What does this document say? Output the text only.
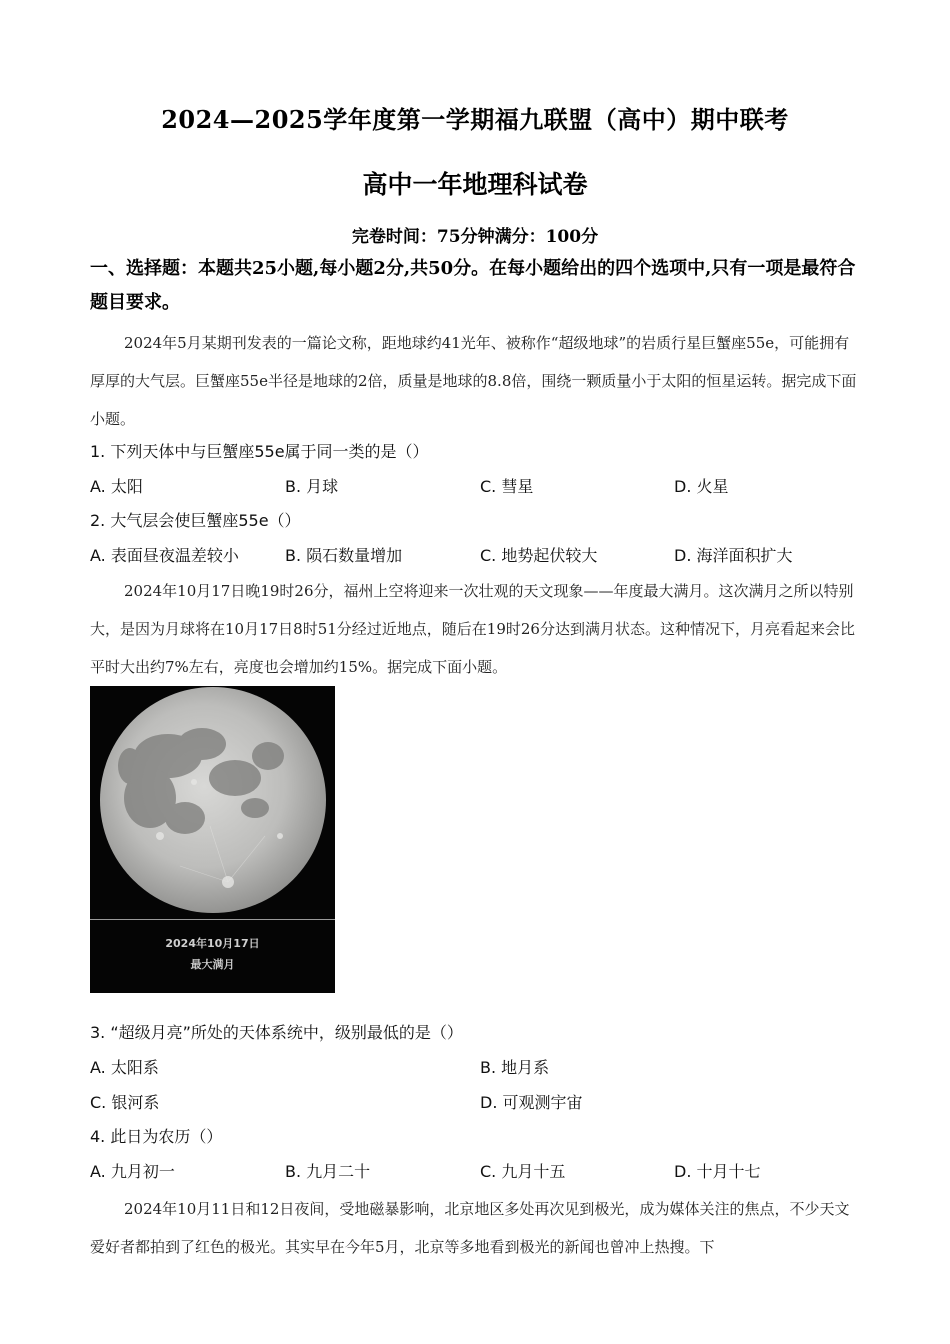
2024—2025学年度第一学期福九联盟（高中）期中联考
高中一年地理科试卷
完卷时间：75分钟满分：100分
一、选择题：本题共25小题,每小题2分,共50分。在每小题给出的四个选项中,只有一项是最符合题目要求。
2024年5月某期刊发表的一篇论文称，距地球约41光年、被称作“超级地球”的岩质行星巨蟹座55e，可能拥有厚厚的大气层。巨蟹座55e半径是地球的2倍，质量是地球的8.8倍，围绕一颗质量小于太阳的恒星运转。据完成下面小题。
1. 下列天体中与巨蟹座55e属于同一类的是（）
A. 太阳	B. 月球	C. 彗星	D. 火星
2. 大气层会使巨蟹座55e（）
A. 表面昼夜温差较小	B. 陨石数量增加	C. 地势起伏较大	D. 海洋面积扩大
2024年10月17日晚19时26分，福州上空将迎来一次壮观的天文现象——年度最大满月。这次满月之所以特别大，是因为月球将在10月17日8时51分经过近地点，随后在19时26分达到满月状态。这种情况下，月亮看起来会比平时大出约7%左右，亮度也会增加约15%。据完成下面小题。
2024年10月17日
最大满月
3. “超级月亮”所处的天体系统中，级别最低的是（）
A. 太阳系	B. 地月系
C. 银河系	D. 可观测宇宙
4. 此日为农历（）
A. 九月初一	B. 九月二十	C. 九月十五	D. 十月十七
2024年10月11日和12日夜间，受地磁暴影响，北京地区多处再次见到极光，成为媒体关注的焦点，不少天文爱好者都拍到了红色的极光。其实早在今年5月，北京等多地看到极光的新闻也曾冲上热搜。下
